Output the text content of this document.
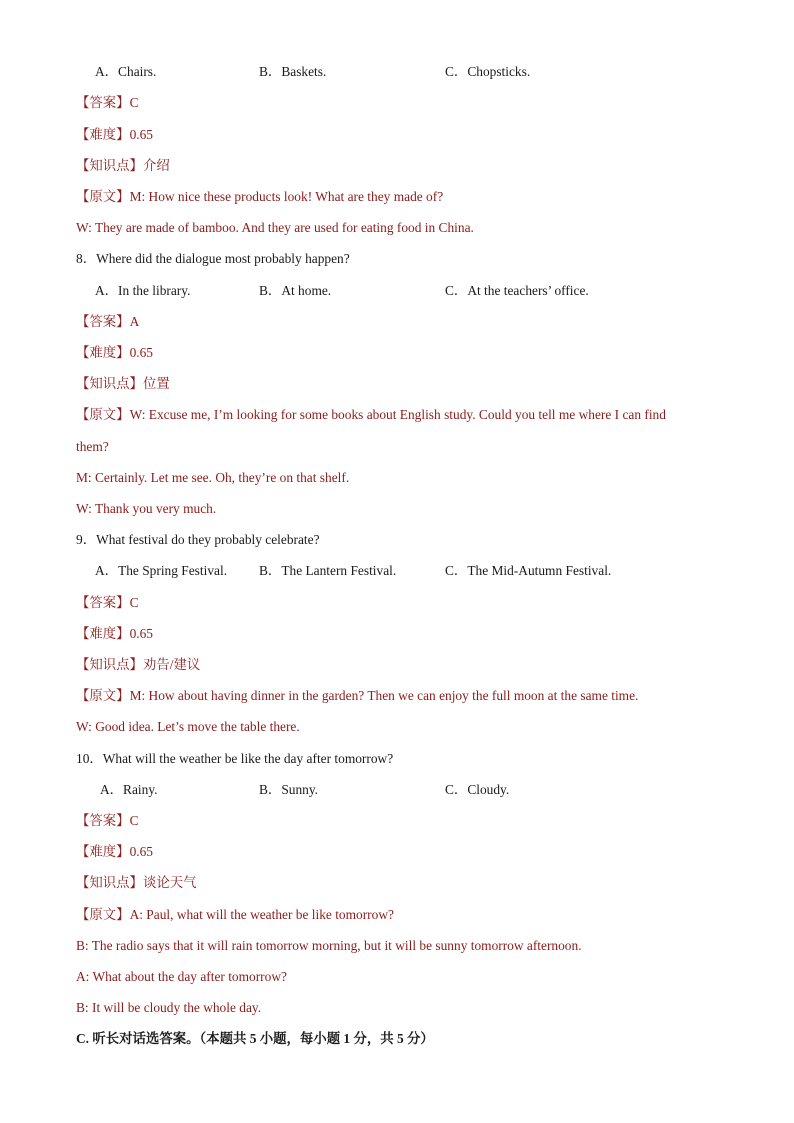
A．Chairs.	B．Baskets.	C．Chopsticks.
【答案】C
【难度】0.65
【知识点】介绍
【原文】M: How nice these products look! What are they made of?
W: They are made of bamboo. And they are used for eating food in China.
8．Where did the dialogue most probably happen?
A．In the library.	B．At home.	C．At the teachers’ office.
【答案】A
【难度】0.65
【知识点】位置
【原文】W: Excuse me, I’m looking for some books about English study. Could you tell me where I can find
them?
M: Certainly. Let me see. Oh, they’re on that shelf.
W: Thank you very much.
9．What festival do they probably celebrate?
A．The Spring Festival. B．The Lantern Festival.	C．The Mid-Autumn Festival.
【答案】C
【难度】0.65
【知识点】劝告/建议
【原文】M: How about having dinner in the garden? Then we can enjoy the full moon at the same time.
W: Good idea. Let’s move the table there.
10．What will the weather be like the day after tomorrow?
A．Rainy.	B．Sunny.	C．Cloudy.
【答案】C
【难度】0.65
【知识点】谈论天气
【原文】A: Paul, what will the weather be like tomorrow?
B: The radio says that it will rain tomorrow morning, but it will be sunny tomorrow afternoon.
A: What about the day after tomorrow?
B: It will be cloudy the whole day.
C. 听长对话选答案。（本题共 5 小题，每小题 1 分，共 5 分）
